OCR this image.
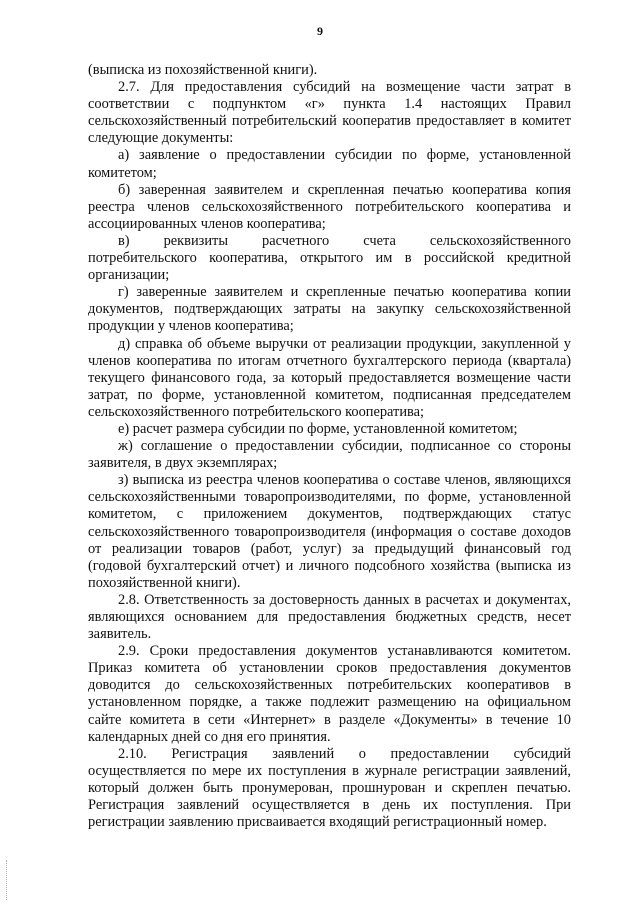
9

(выписка из похозяйственной книги).

2.7. Для предоставления субсидий на возмещение части затрат в соответствии с подпунктом «г» пункта 1.4 настоящих Правил сельскохозяйственный потребительский кооператив предоставляет в комитет следующие документы:

а) заявление о предоставлении субсидии по форме, установленной комитетом;

б) заверенная заявителем и скрепленная печатью кооператива копия реестра членов сельскохозяйственного потребительского кооператива и ассоциированных членов кооператива;

в) реквизиты расчетного счета сельскохозяйственного

потребительского кооператива, открытого им в российской кредитной организации;

г) заверенные заявителем и скрепленные печатью кооператива копии документов, подтверждающих затраты на закупку сельскохозяйственной продукции у членов кооператива;

д) справка об объеме выручки от реализации продукции, закупленной у членов кооператива по итогам отчетного бухгалтерского периода (квартала) текущего финансового года, за который предоставляется возмещение части затрат, по форме, установленной комитетом, подписанная председателем сельскохозяйственного потребительского кооператива;

е) расчет размера субсидии по форме, установленной комитетом;

ж) соглашение о предоставлении субсидии, подписанное со стороны заявителя, в двух экземплярах;

з) выписка из реестра членов кооператива о составе членов, являющихся сельскохозяйственными товаропроизводителями, по форме, установленной комитетом, с приложением документов, подтверждающих статус сельскохозяйственного товаропроизводителя (информация о составе доходов от реализации товаров (работ, услуг) за предыдущий финансовый год (годовой бухгалтерский отчет) и личного подсобного хозяйства (выписка из похозяйственной книги).

2.8. Ответственность за достоверность данных в расчетах и документах, являющихся основанием для предоставления бюджетных средств, несет заявитель.

2.9. Сроки предоставления документов устанавливаются комитетом. Приказ комитета об установлении сроков предоставления документов доводится до сельскохозяйственных потребительских кооперативов в установленном порядке, а также подлежит размещению на официальном сайте комитета в сети «Интернет» в разделе «Документы» в течение 10 календарных дней со дня его принятия.

2.10. Регистрация заявлений о предоставлении субсидий

осуществляется по мере их поступления в журнале регистрации заявлений, который должен быть пронумерован, прошнурован и скреплен печатью. Регистрация заявлений осуществляется в день их поступления. При регистрации заявлению присваивается входящий регистрационный номер.
